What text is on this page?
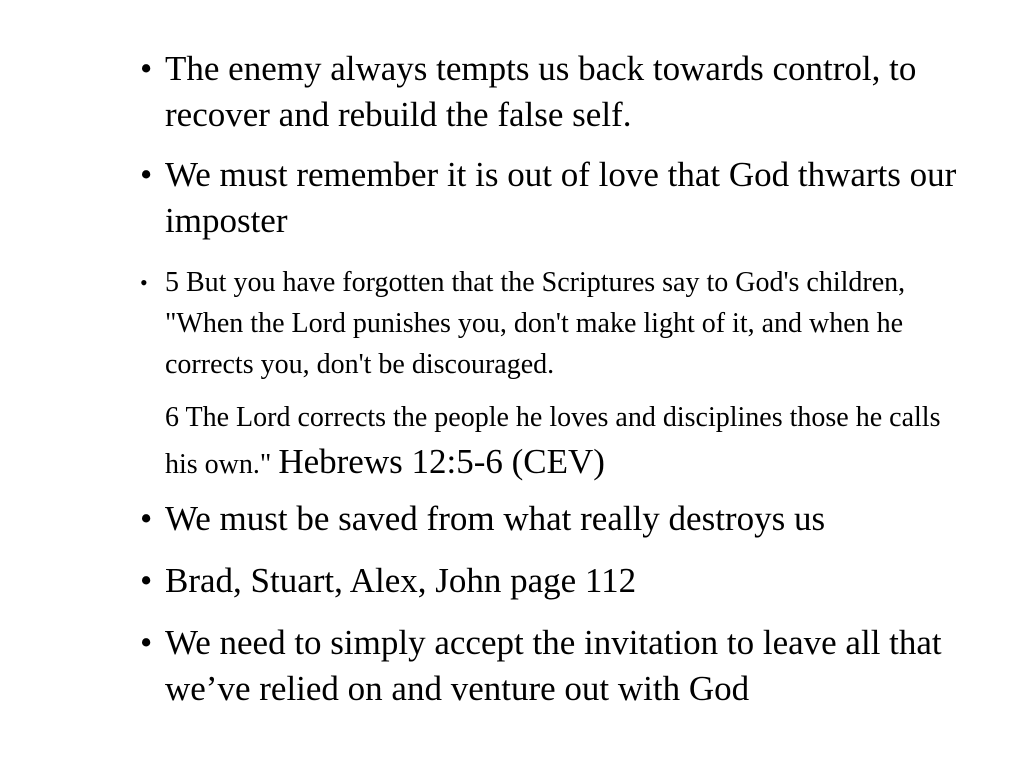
• The enemy always tempts us back towards control, to recover and rebuild the false self.
• We must remember it is out of love that God thwarts our imposter
• 5 But you have forgotten that the Scriptures say to God's children, "When the Lord punishes you, don't make light of it, and when he corrects you, don't be discouraged.
6 The Lord corrects the people he loves and disciplines those he calls his own." Hebrews 12:5-6 (CEV)
• We must be saved from what really destroys us
• Brad, Stuart, Alex, John page 112
• We need to simply accept the invitation to leave all that we’ve relied on and venture out with God
